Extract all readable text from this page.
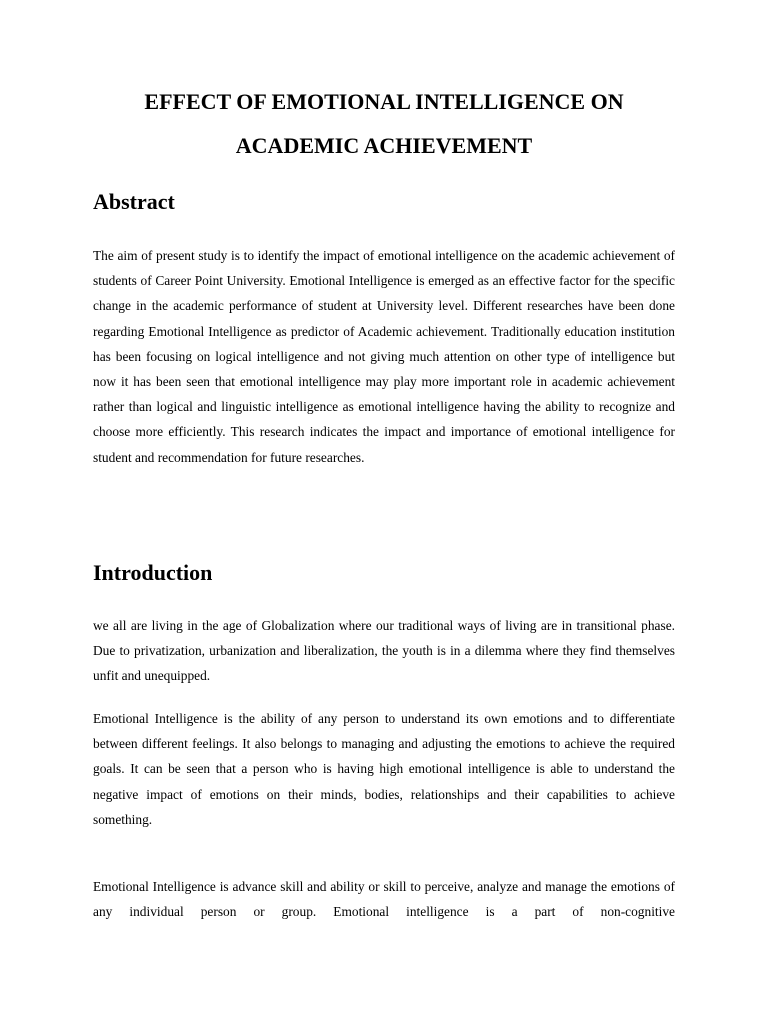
EFFECT OF EMOTIONAL INTELLIGENCE ON
ACADEMIC ACHIEVEMENT
Abstract

The aim of present study is to identify the impact of emotional intelligence on the academic achievement of students of Career Point University. Emotional Intelligence is emerged as an effective factor for the specific change in the academic performance of student at University level. Different researches have been done regarding Emotional Intelligence as predictor of Academic achievement. Traditionally education institution has been focusing on logical intelligence and not giving much attention on other type of intelligence but now it has been seen that emotional intelligence may play more important role in academic achievement rather than logical and linguistic intelligence as emotional intelligence having the ability to recognize and choose more efficiently. This research indicates the impact and importance of emotional intelligence for student and recommendation for future researches.

Introduction

we all are living in the age of Globalization where our traditional ways of living are in transitional phase. Due to privatization, urbanization and liberalization, the youth is in a dilemma where they find themselves unfit and unequipped.

Emotional Intelligence is the ability of any person to understand its own emotions and to differentiate between different feelings. It also belongs to managing and adjusting the emotions to achieve the required goals. It can be seen that a person who is having high emotional intelligence is able to understand the negative impact of emotions on their minds, bodies, relationships and their capabilities to achieve something.

Emotional Intelligence is advance skill and ability or skill to perceive, analyze and manage the emotions of any individual person or group. Emotional intelligence is a part of non-cognitive
